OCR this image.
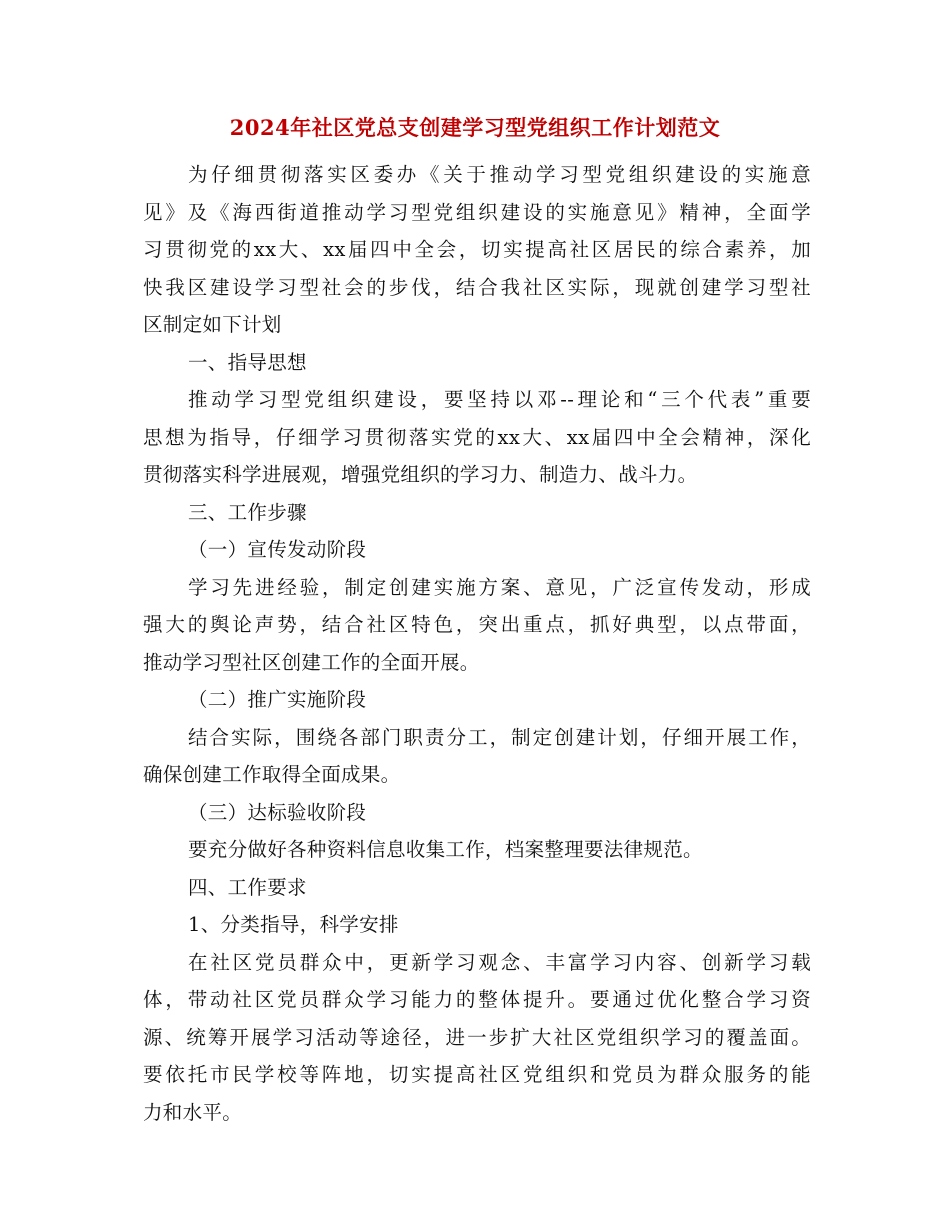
2024年社区党总支创建学习型党组织工作计划范文
为仔细贯彻落实区委办《关于推动学习型党组织建设的实施意
见》及《海西街道推动学习型党组织建设的实施意见》精神，全面学
习贯彻党的xx大、xx届四中全会，切实提高社区居民的综合素养，加
快我区建设学习型社会的步伐，结合我社区实际，现就创建学习型社
区制定如下计划
一、指导思想
推动学习型党组织建设，要坚持以邓--理论和“三个代表”重要
思想为指导，仔细学习贯彻落实党的xx大、xx届四中全会精神，深化
贯彻落实科学进展观，增强党组织的学习力、制造力、战斗力。
三、工作步骤
（一）宣传发动阶段
学习先进经验，制定创建实施方案、意见，广泛宣传发动，形成
强大的舆论声势，结合社区特色，突出重点，抓好典型，以点带面，
推动学习型社区创建工作的全面开展。
（二）推广实施阶段
结合实际，围绕各部门职责分工，制定创建计划，仔细开展工作，
确保创建工作取得全面成果。
（三）达标验收阶段
要充分做好各种资料信息收集工作，档案整理要法律规范。
四、工作要求
1、分类指导，科学安排
在社区党员群众中，更新学习观念、丰富学习内容、创新学习载
体，带动社区党员群众学习能力的整体提升。要通过优化整合学习资
源、统筹开展学习活动等途径，进一步扩大社区党组织学习的覆盖面。
要依托市民学校等阵地，切实提高社区党组织和党员为群众服务的能
力和水平。
